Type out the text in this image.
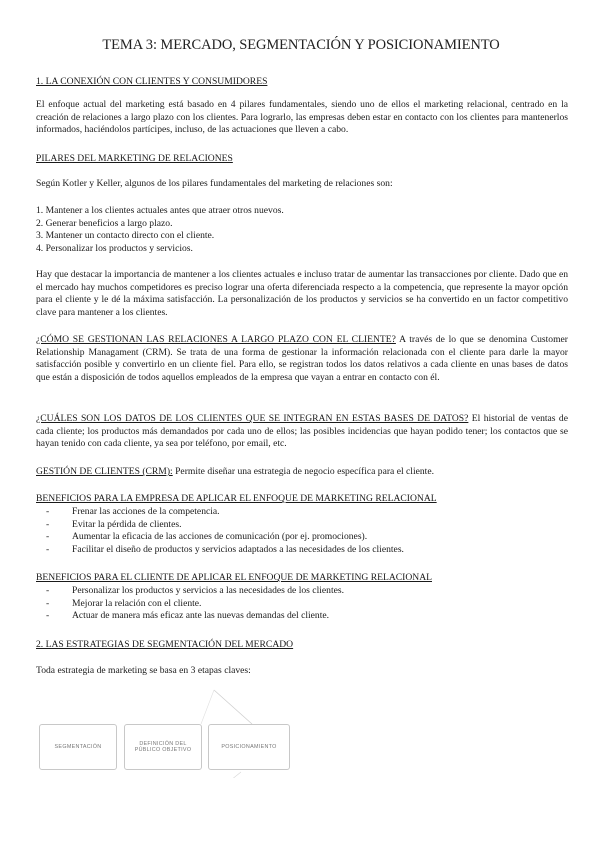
TEMA 3: MERCADO, SEGMENTACIÓN Y POSICIONAMIENTO
1. LA CONEXIÓN CON CLIENTES Y CONSUMIDORES
El enfoque actual del marketing está basado en 4 pilares fundamentales, siendo uno de ellos el marketing relacional, centrado en la creación de relaciones a largo plazo con los clientes. Para lograrlo, las empresas deben estar en contacto con los clientes para mantenerlos informados, haciéndolos partícipes, incluso, de las actuaciones que lleven a cabo.
PILARES DEL MARKETING DE RELACIONES
Según Kotler y Keller, algunos de los pilares fundamentales del marketing de relaciones son:
1. Mantener a los clientes actuales antes que atraer otros nuevos.
2. Generar beneficios a largo plazo.
3. Mantener un contacto directo con el cliente.
4. Personalizar los productos y servicios.
Hay que destacar la importancia de mantener a los clientes actuales e incluso tratar de aumentar las transacciones por cliente. Dado que en el mercado hay muchos competidores es preciso lograr una oferta diferenciada respecto a la competencia, que represente la mayor opción para el cliente y le dé la máxima satisfacción. La personalización de los productos y servicios se ha convertido en un factor competitivo clave para mantener a los clientes.
¿CÓMO SE GESTIONAN LAS RELACIONES A LARGO PLAZO CON EL CLIENTE? A través de lo que se denomina Customer Relationship Managament (CRM). Se trata de una forma de gestionar la información relacionada con el cliente para darle la mayor satisfacción posible y convertirlo en un cliente fiel. Para ello, se registran todos los datos relativos a cada cliente en unas bases de datos que están a disposición de todos aquellos empleados de la empresa que vayan a entrar en contacto con él.
¿CUÁLES SON LOS DATOS DE LOS CLIENTES QUE SE INTEGRAN EN ESTAS BASES DE DATOS? El historial de ventas de cada cliente; los productos más demandados por cada uno de ellos; las posibles incidencias que hayan podido tener; los contactos que se hayan tenido con cada cliente, ya sea por teléfono, por email, etc.
GESTIÓN DE CLIENTES (CRM): Permite diseñar una estrategia de negocio específica para el cliente.
BENEFICIOS PARA LA EMPRESA DE APLICAR EL ENFOQUE DE MARKETING RELACIONAL
- Frenar las acciones de la competencia.
- Evitar la pérdida de clientes.
- Aumentar la eficacia de las acciones de comunicación (por ej. promociones).
- Facilitar el diseño de productos y servicios adaptados a las necesidades de los clientes.
BENEFICIOS PARA EL CLIENTE DE APLICAR EL ENFOQUE DE MARKETING RELACIONAL
- Personalizar los productos y servicios a las necesidades de los clientes.
- Mejorar la relación con el cliente.
- Actuar de manera más eficaz ante las nuevas demandas del cliente.
2. LAS ESTRATEGIAS DE SEGMENTACIÓN DEL MERCADO
Toda estrategia de marketing se basa en 3 etapas claves:
SEGMENTACIÓN	DEFINICIÓN DEL PÚBLICO OBJETIVO	POSICIONAMIENTO
